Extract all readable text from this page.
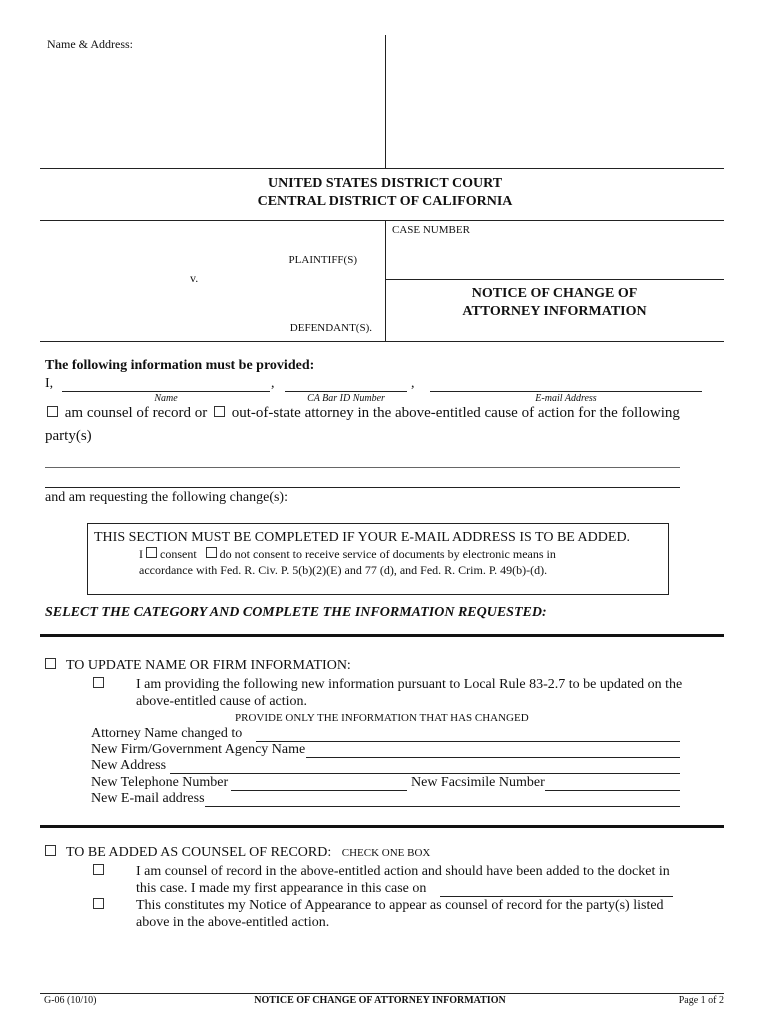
Name & Address:
UNITED STATES DISTRICT COURT
CENTRAL DISTRICT OF CALIFORNIA
CASE NUMBER
PLAINTIFF(S)
v.
NOTICE OF CHANGE OF
ATTORNEY INFORMATION
DEFENDANT(S).
The following information must be provided:
I,	,	,
Name	CA Bar ID Number	E-mail Address
am counsel of record or out-of-state attorney in the above-entitled cause of action for the following
party(s)
and am requesting the following change(s):
THIS SECTION MUST BE COMPLETED IF YOUR E-MAIL ADDRESS IS TO BE ADDED.
I consent do not consent to receive service of documents by electronic means in
accordance with Fed. R. Civ. P. 5(b)(2)(E) and 77 (d), and Fed. R. Crim. P. 49(b)-(d).
SELECT THE CATEGORY AND COMPLETE THE INFORMATION REQUESTED:
TO UPDATE NAME OR FIRM INFORMATION:
I am providing the following new information pursuant to Local Rule 83-2.7 to be updated on the
above-entitled cause of action.
PROVIDE ONLY THE INFORMATION THAT HAS CHANGED
Attorney Name changed to
New Firm/Government Agency Name
New Address
New Telephone Number	New Facsimile Number
New E-mail address
TO BE ADDED AS COUNSEL OF RECORD: CHECK ONE BOX
I am counsel of record in the above-entitled action and should have been added to the docket in
this case. I made my first appearance in this case on
This constitutes my Notice of Appearance to appear as counsel of record for the party(s) listed
above in the above-entitled action.
G-06 (10/10)	NOTICE OF CHANGE OF ATTORNEY INFORMATION	Page 1 of 2
